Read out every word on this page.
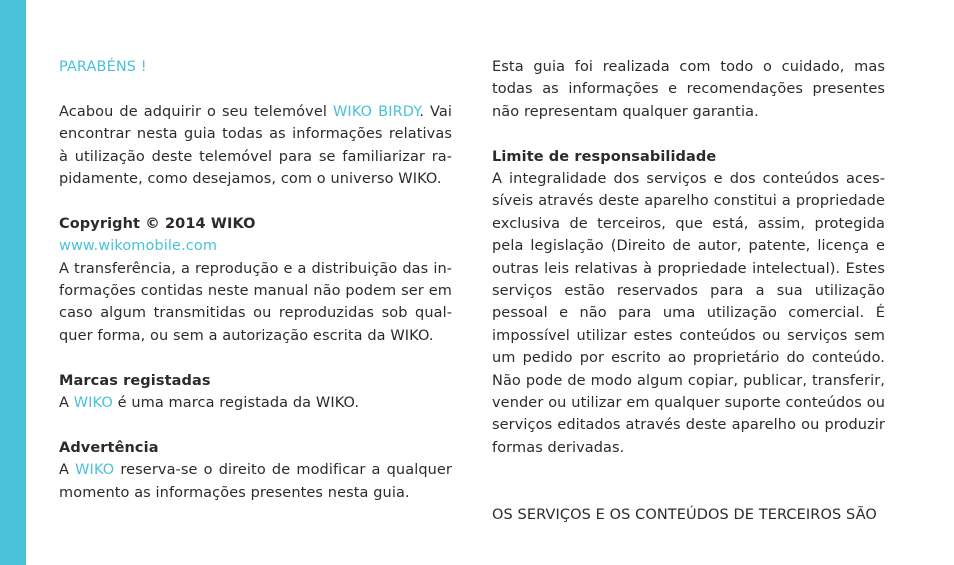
PARABÉNS !

Acabou de adquirir o seu telemóvel WIKO BIRDY. Vai encontrar nesta guia todas as informações relativas à utilização deste telemóvel para se familiarizar rapidamente, como desejamos, com o universo WIKO.

Copyright © 2014 WIKO

www.wikomobile.com

A transferência, a reprodução e a distribuição das informações contidas neste manual não podem ser em caso algum transmitidas ou reproduzidas sob qualquer forma, ou sem a autorização escrita da WIKO.

Marcas registadas

A WIKO é uma marca registada da WIKO.

Advertência

A WIKO reserva-se o direito de modificar a qualquer momento as informações presentes nesta guia.

Esta guia foi realizada com todo o cuidado, mas todas as informações e recomendações presentes não representam qualquer garantia.

Limite de responsabilidade

A integralidade dos serviços e dos conteúdos acessíveis através deste aparelho constitui a propriedade exclusiva de terceiros, que está, assim, protegida pela legislação (Direito de autor, patente, licença e outras leis relativas à propriedade intelectual). Estes serviços estão reservados para a sua utilização pessoal e não para uma utilização comercial. É impossível utilizar estes conteúdos ou serviços sem um pedido por escrito ao proprietário do conteúdo. Não pode de modo algum copiar, publicar, transferir, vender ou utilizar em qualquer suporte conteúdos ou serviços editados através deste aparelho ou produzir formas derivadas.

OS SERVIÇOS E OS CONTEÚDOS DE TERCEIROS SÃO
